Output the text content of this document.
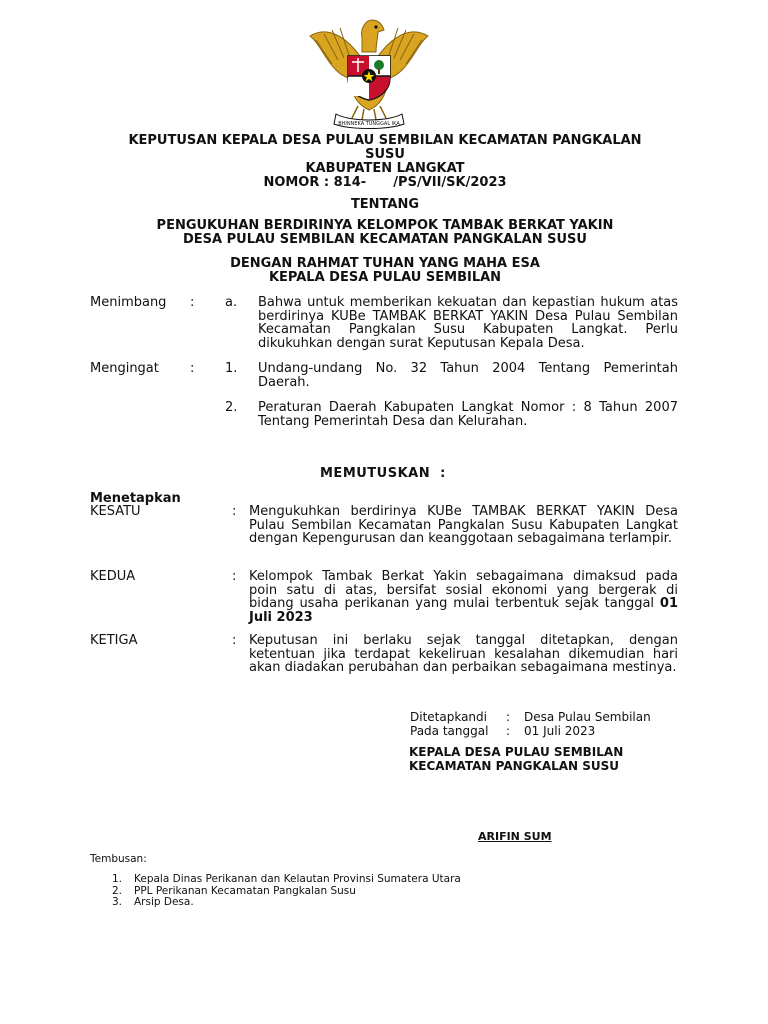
BHINNEKA TUNGGAL IKA
KEPUTUSAN KEPALA DESA PULAU SEMBILAN KECAMATAN PANGKALAN
SUSU
KABUPATEN LANGKAT
NOMOR : 814-      /PS/VII/SK/2023
TENTANG
PENGUKUHAN BERDIRINYA KELOMPOK TAMBAK BERKAT YAKIN
DESA PULAU SEMBILAN KECAMATAN PANGKALAN SUSU
DENGAN RAHMAT TUHAN YANG MAHA ESA
KEPALA DESA PULAU SEMBILAN
Menimbang : a. Bahwa untuk memberikan kekuatan dan kepastian hukum atas berdirinya KUBe TAMBAK BERKAT YAKIN Desa Pulau Sembilan Kecamatan Pangkalan Susu Kabupaten Langkat. Perlu dikukuhkan dengan surat Keputusan Kepala Desa.
Mengingat : 1. Undang-undang No. 32 Tahun 2004 Tentang Pemerintah Daerah.
2. Peraturan Daerah Kabupaten Langkat Nomor : 8 Tahun 2007 Tentang Pemerintah Desa dan Kelurahan.
MEMUTUSKAN  :
Menetapkan
KESATU	: Mengukuhkan berdirinya KUBe TAMBAK BERKAT YAKIN Desa Pulau Sembilan Kecamatan Pangkalan Susu Kabupaten Langkat dengan Kepengurusan dan keanggotaan sebagaimana terlampir.
KEDUA	: Kelompok Tambak Berkat Yakin sebagaimana dimaksud pada poin satu di atas, bersifat sosial ekonomi yang bergerak di bidang usaha perikanan yang mulai terbentuk sejak tanggal 01 Juli 2023
KETIGA	: Keputusan ini berlaku sejak tanggal ditetapkan, dengan ketentuan jika terdapat kekeliruan kesalahan dikemudian hari akan diadakan perubahan dan perbaikan sebagaimana mestinya.
Ditetapkandi : Desa Pulau Sembilan
Pada tanggal : 01 Juli 2023
KEPALA DESA PULAU SEMBILAN
KECAMATAN PANGKALAN SUSU
ARIFIN SUM
Tembusan:
1. Kepala Dinas Perikanan dan Kelautan Provinsi Sumatera Utara
2. PPL Perikanan Kecamatan Pangkalan Susu
3. Arsip Desa.
